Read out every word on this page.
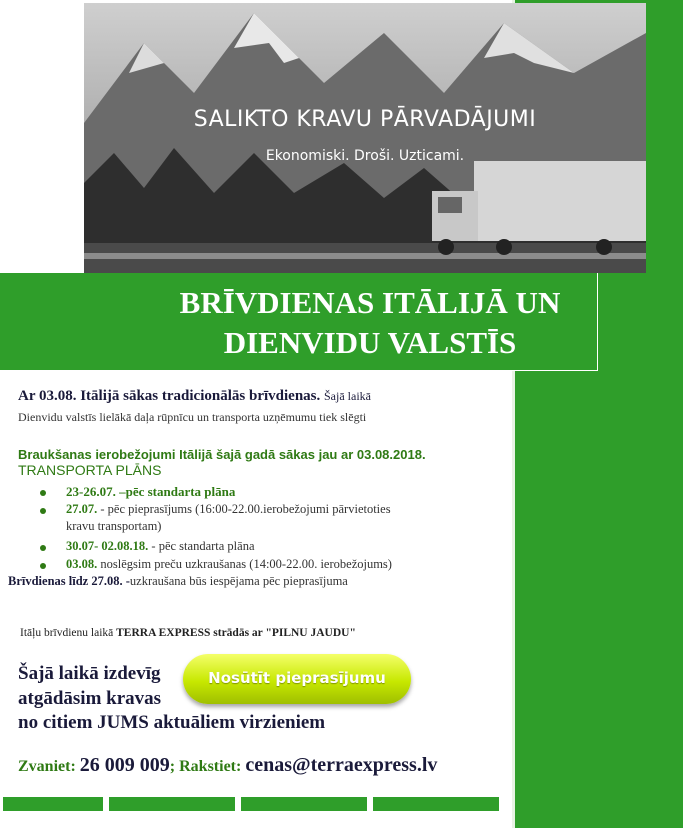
SALIKTO KRAVU PĀRVADĀJUMI
Ekonomiski. Droši. Uzticami.
BRĪVDIENAS ITĀLIJĀ UN
DIENVIDU VALSTĪS
Ar 03.08. Itālijā sākas tradicionālās brīvdienas. Šajā laikā
Dienvidu valstīs lielākā daļa rūpnīcu un transporta uzņēmumu tiek slēgti
Braukšanas ierobežojumi Itālijā šajā gadā sākas jau ar 03.08.2018.
TRANSPORTA PLĀNS
23-26.07. –pēc standarta plāna
27.07. - pēc pieprasījums (16:00-22.00.ierobežojumi pārvietoties
kravu transportam)
30.07- 02.08.18. - pēc standarta plāna
03.08. noslēgsim preču uzkraušanas (14:00-22.00. ierobežojums)
Brīvdienas līdz 27.08. -uzkraušana būs iespējama pēc pieprasījuma
Itāļu brīvdienu laikā TERRA EXPRESS strādās ar "PILNU JAUDU"
Šajā laikā izdevīg
atgādāsim kravas
no citiem JUMS aktuāliem virzieniem
Nosūtīt pieprasījumu
Zvaniet: 26 009 009; Rakstiet: cenas@terraexpress.lv
